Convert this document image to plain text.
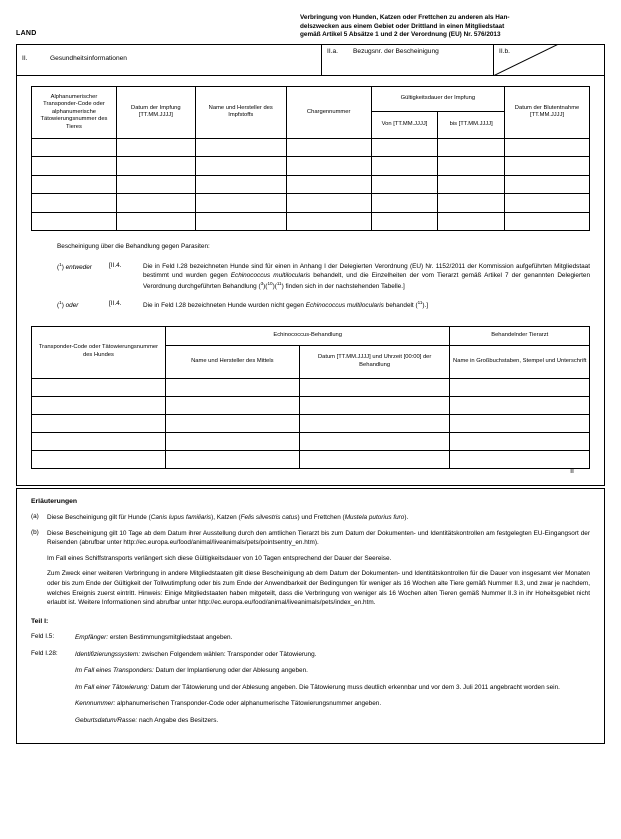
LAND
Verbringung von Hunden, Katzen oder Frettchen zu anderen als Han-
delszwecken aus einem Gebiet oder Drittland in einen Mitgliedstaat
gemäß Artikel 5 Absätze 1 und 2 der Verordnung (EU) Nr. 576/2013
II.	Gesundheitsinformationen
II.a.	Bezugsnr. der Bescheinigung	II.b.
Alphanumerischer Transponder-Code oder alphanumerische Tätowierungsnummer des Tieres	Datum der Impfung [TT.MM.JJJJ]	Name und Hersteller des Impfstoffs	Chargennummer	Gültigkeitsdauer der Impfung		Datum der Blutentnahme [TT.MM.JJJJ]
				Von [TT.MM.JJJJ]	bis [TT.MM.JJJJ]	

Bescheinigung über die Behandlung gegen Parasiten:
($^1$) entweder	[II.4.	Die in Feld I.28 bezeichneten Hunde sind für einen in Anhang I der Delegierten Verordnung (EU) Nr. 1152/2011 der Kommission aufgeführten Mitgliedstaat bestimmt und wurden gegen Echinococcus multilocularis behandelt, und die Einzelheiten der vom Tierarzt gemäß Artikel 7 der genannten Delegierten Verordnung durchgeführten Behandlung ($^3$)($^{10}$)($^{11}$) finden sich in der nachstehenden Tabelle.]
($^1$) oder	[II.4.	Die in Feld I.28 bezeichneten Hunde wurden nicht gegen Echinococcus multilocularis behandelt ($^{11}$).]
Transponder-Code oder Tätowierungsnummer des Hundes	Echinococcus-Behandlung		Behandelnder Tierarzt
	Name und Hersteller des Mittels	Datum [TT.MM.JJJJ] und Uhrzeit [00:00] der Behandlung	Name in Großbuchstaben, Stempel und Unterschrift

II
Erläuterungen
(a)	Diese Bescheinigung gilt für Hunde (Canis lupus familiaris), Katzen (Felis silvestris catus) und Frettchen (Mustela putorius furo).
(b)	Diese Bescheinigung gilt 10 Tage ab dem Datum ihrer Ausstellung durch den amtlichen Tierarzt bis zum Datum der Dokumenten- und Identitätskontrollen am festgelegten EU-Eingangsort der Reisenden (abrufbar unter http://ec.europa.eu/food/animal/liveanimals/pets/pointsentry_en.htm).
Im Fall eines Schiffstransports verlängert sich diese Gültigkeitsdauer von 10 Tagen entsprechend der Dauer der Seereise.
Zum Zweck einer weiteren Verbringung in andere Mitgliedstaaten gilt diese Bescheinigung ab dem Datum der Dokumenten- und Identitätskontrollen für die Dauer von insgesamt vier Monaten oder bis zum Ende der Gültigkeit der Tollwutimpfung oder bis zum Ende der Anwendbarkeit der Bedingungen für weniger als 16 Wochen alte Tiere gemäß Nummer II.3, und zwar je nachdem, welches Ereignis zuerst eintritt. Hinweis: Einige Mitgliedstaaten haben mitgeteilt, dass die Verbringung von weniger als 16 Wochen alten Tieren gemäß Nummer II.3 in ihr Hoheitsgebiet nicht erlaubt ist. Weitere Informationen sind abrufbar unter http://ec.europa.eu/food/animal/liveanimals/pets/index_en.htm.
Teil I:
Feld I.5:	Empfänger: ersten Bestimmungsmitgliedstaat angeben.
Feld I.28:	Identifizierungssystem: zwischen Folgendem wählen: Transponder oder Tätowierung.
Im Fall eines Transponders: Datum der Implantierung oder der Ablesung angeben.
Im Fall einer Tätowierung: Datum der Tätowierung und der Ablesung angeben. Die Tätowierung muss deutlich erkennbar und vor dem 3. Juli 2011 angebracht worden sein.
Kennnummer: alphanumerischen Transponder-Code oder alphanumerische Tätowierungsnummer angeben.
Geburtsdatum/Rasse: nach Angabe des Besitzers.
